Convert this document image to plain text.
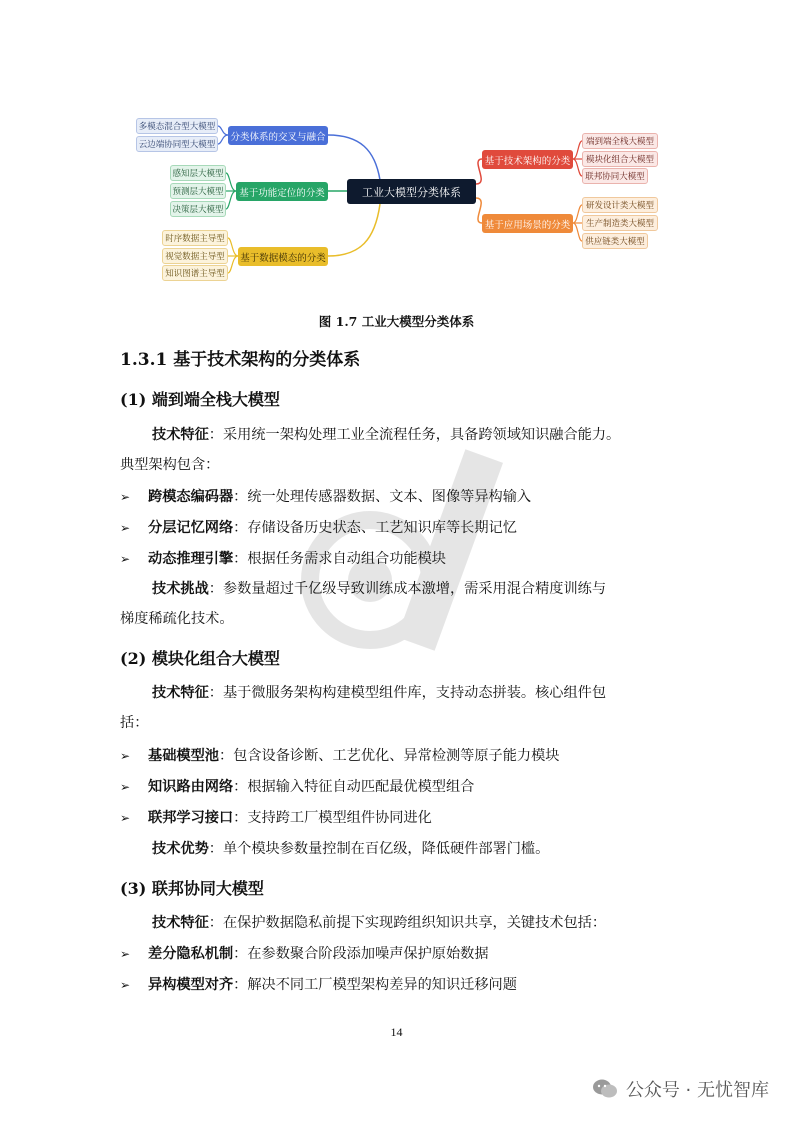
工业大模型分类体系
分类体系的交叉与融合
多模态混合型大模型
云边端协同型大模型
基于功能定位的分类
感知层大模型
预测层大模型
决策层大模型
基于数据模态的分类
时序数据主导型
视觉数据主导型
知识图谱主导型
基于技术架构的分类
端到端全栈大模型
模块化组合大模型
联邦协同大模型
基于应用场景的分类
研发设计类大模型
生产制造类大模型
供应链类大模型
图 1.7 工业大模型分类体系
1.3.1 基于技术架构的分类体系
(1) 端到端全栈大模型
技术特征：采用统一架构处理工业全流程任务，具备跨领域知识融合能力。
典型架构包含：
➢ 跨模态编码器：统一处理传感器数据、文本、图像等异构输入
➢ 分层记忆网络：存储设备历史状态、工艺知识库等长期记忆
➢ 动态推理引擎：根据任务需求自动组合功能模块
技术挑战：参数量超过千亿级导致训练成本激增，需采用混合精度训练与
梯度稀疏化技术。
(2) 模块化组合大模型
技术特征：基于微服务架构构建模型组件库，支持动态拼装。核心组件包
括：
➢ 基础模型池：包含设备诊断、工艺优化、异常检测等原子能力模块
➢ 知识路由网络：根据输入特征自动匹配最优模型组合
➢ 联邦学习接口：支持跨工厂模型组件协同进化
技术优势：单个模块参数量控制在百亿级，降低硬件部署门槛。
(3) 联邦协同大模型
技术特征：在保护数据隐私前提下实现跨组织知识共享，关键技术包括：
➢ 差分隐私机制：在参数聚合阶段添加噪声保护原始数据
➢ 异构模型对齐：解决不同工厂模型架构差异的知识迁移问题
14
公众号 · 无忧智库
